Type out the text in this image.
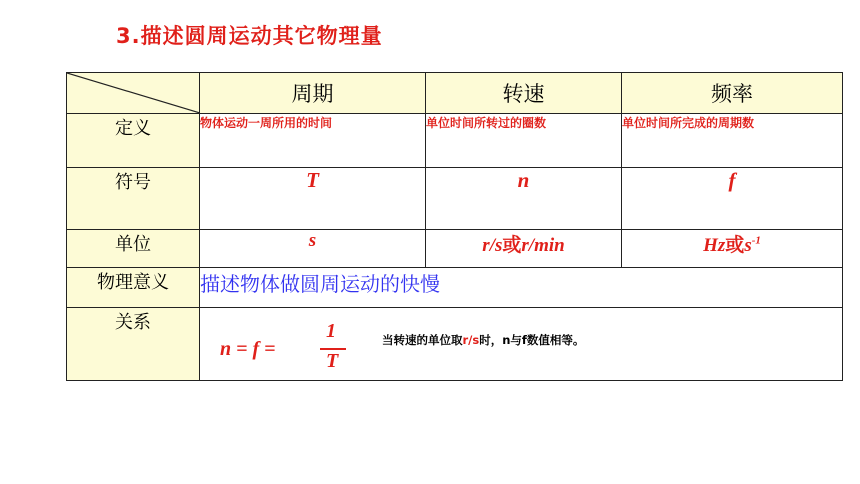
3.描述圆周运动其它物理量
	周期	转速	频率
定义	物体运动一周所用的时间	单位时间所转过的圈数	单位时间所完成的周期数
符号	T	n	f
单位	s	r/s或r/min	Hz或$s^{-1}$
物理意义	描述物体做圆周运动的快慢		
关系	n = f =
1
T
当转速的单位取r/s时，n与f数值相等。		
